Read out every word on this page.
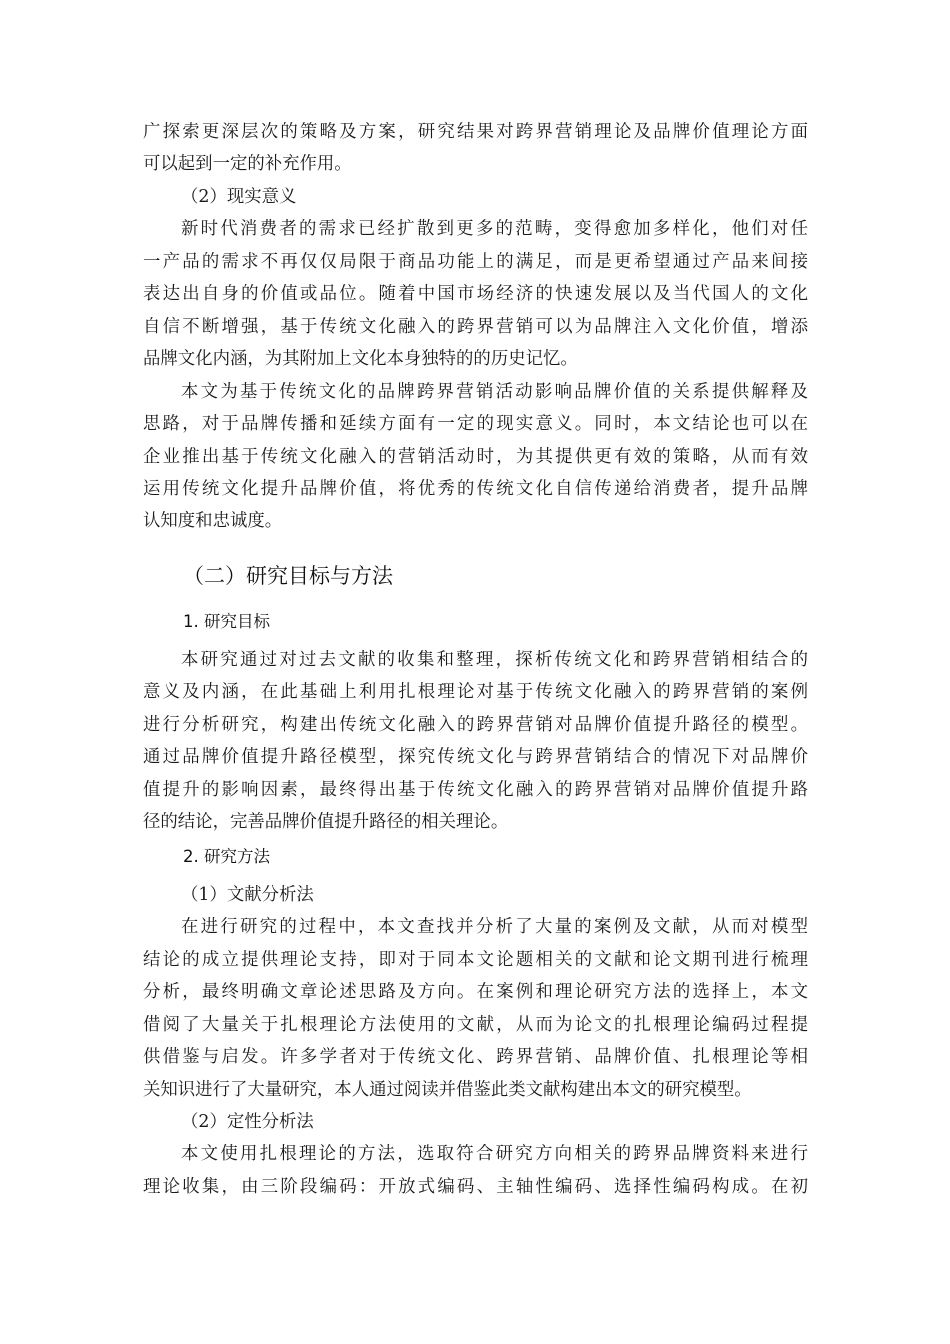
广探索更深层次的策略及方案，研究结果对跨界营销理论及品牌价值理论方面
可以起到一定的补充作用。
（2）现实意义
新时代消费者的需求已经扩散到更多的范畴，变得愈加多样化，他们对任
一产品的需求不再仅仅局限于商品功能上的满足，而是更希望通过产品来间接
表达出自身的价值或品位。随着中国市场经济的快速发展以及当代国人的文化
自信不断增强，基于传统文化融入的跨界营销可以为品牌注入文化价值，增添
品牌文化内涵，为其附加上文化本身独特的的历史记忆。
本文为基于传统文化的品牌跨界营销活动影响品牌价值的关系提供解释及
思路，对于品牌传播和延续方面有一定的现实意义。同时，本文结论也可以在
企业推出基于传统文化融入的营销活动时，为其提供更有效的策略，从而有效
运用传统文化提升品牌价值，将优秀的传统文化自信传递给消费者，提升品牌
认知度和忠诚度。
（二）研究目标与方法
1. 研究目标
本研究通过对过去文献的收集和整理，探析传统文化和跨界营销相结合的
意义及内涵，在此基础上利用扎根理论对基于传统文化融入的跨界营销的案例
进行分析研究，构建出传统文化融入的跨界营销对品牌价值提升路径的模型。
通过品牌价值提升路径模型，探究传统文化与跨界营销结合的情况下对品牌价
值提升的影响因素，最终得出基于传统文化融入的跨界营销对品牌价值提升路
径的结论，完善品牌价值提升路径的相关理论。
2. 研究方法
（1）文献分析法
在进行研究的过程中，本文查找并分析了大量的案例及文献，从而对模型
结论的成立提供理论支持，即对于同本文论题相关的文献和论文期刊进行梳理
分析，最终明确文章论述思路及方向。在案例和理论研究方法的选择上，本文
借阅了大量关于扎根理论方法使用的文献，从而为论文的扎根理论编码过程提
供借鉴与启发。许多学者对于传统文化、跨界营销、品牌价值、扎根理论等相
关知识进行了大量研究，本人通过阅读并借鉴此类文献构建出本文的研究模型。
（2）定性分析法
本文使用扎根理论的方法，选取符合研究方向相关的跨界品牌资料来进行
理论收集，由三阶段编码：开放式编码、主轴性编码、选择性编码构成。在初
